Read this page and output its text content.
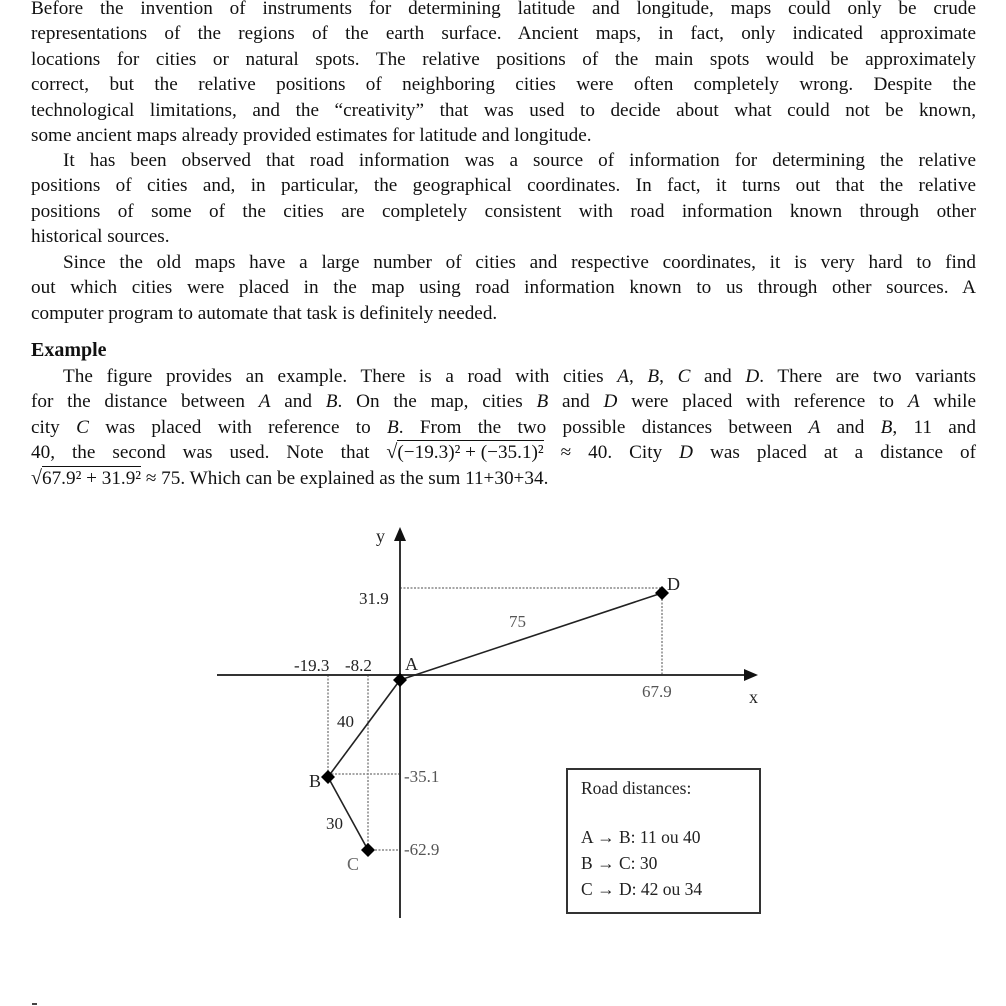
Before the invention of instruments for determining latitude and longitude, maps could only be crude
representations of the regions of the earth surface. Ancient maps, in fact, only indicated approximate
locations for cities or natural spots. The relative positions of the main spots would be approximately
correct, but the relative positions of neighboring cities were often completely wrong. Despite the
technological limitations, and the “creativity” that was used to decide about what could not be known,
some ancient maps already provided estimates for latitude and longitude.
It has been observed that road information was a source of information for determining the relative
positions of cities and, in particular, the geographical coordinates. In fact, it turns out that the relative
positions of some of the cities are completely consistent with road information known through other
historical sources.
Since the old maps have a large number of cities and respective coordinates, it is very hard to find
out which cities were placed in the map using road information known to us through other sources. A
computer program to automate that task is definitely needed.
Example
The figure provides an example. There is a road with cities A, B, C and D. There are two variants
for the distance between A and B. On the map, cities B and D were placed with reference to A while
city C was placed with reference to B. From the two possible distances between A and B, 11 and
40, the second was used. Note that √(−19.3)² + (−35.1)² ≈ 40. City D was placed at a distance of
√67.9² + 31.9² ≈ 75. Which can be explained as the sum 11+30+34.
y
x
31.9
-19.3 -8.2
67.9
-35.1
-62.9
A
B
C
D
40
30
75
Road distances:
A → B: 11 ou 40
B → C: 30
C → D: 42 ou 34
